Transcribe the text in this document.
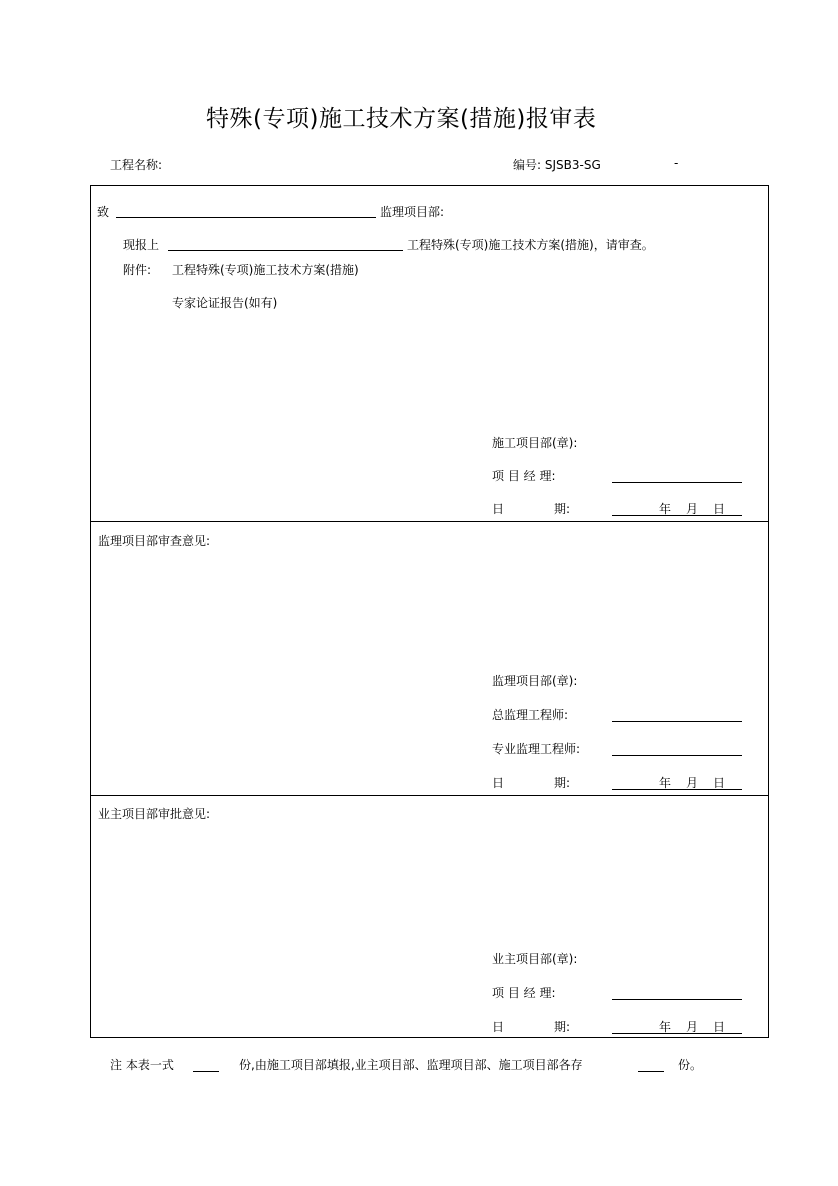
特殊(专项)施工技术方案(措施)报审表
工程名称:	编号: SJSB3-SG	-
致	监理项目部:
现报上	工程特殊(专项)施工技术方案(措施)，请审查。
附件: 工程特殊(专项)施工技术方案(措施)
专家论证报告(如有)
施工项目部(章):
项 目 经 理:
日	期:	年 月 日
监理项目部审查意见:
监理项目部(章):
总监理工程师:
专业监理工程师:
日	期:	年 月 日
业主项目部审批意见:
业主项目部(章):
项 目 经 理:
日	期:	年 月 日
注 本表一式	份,由施工项目部填报,业主项目部、监理项目部、施工项目部各存	份。
